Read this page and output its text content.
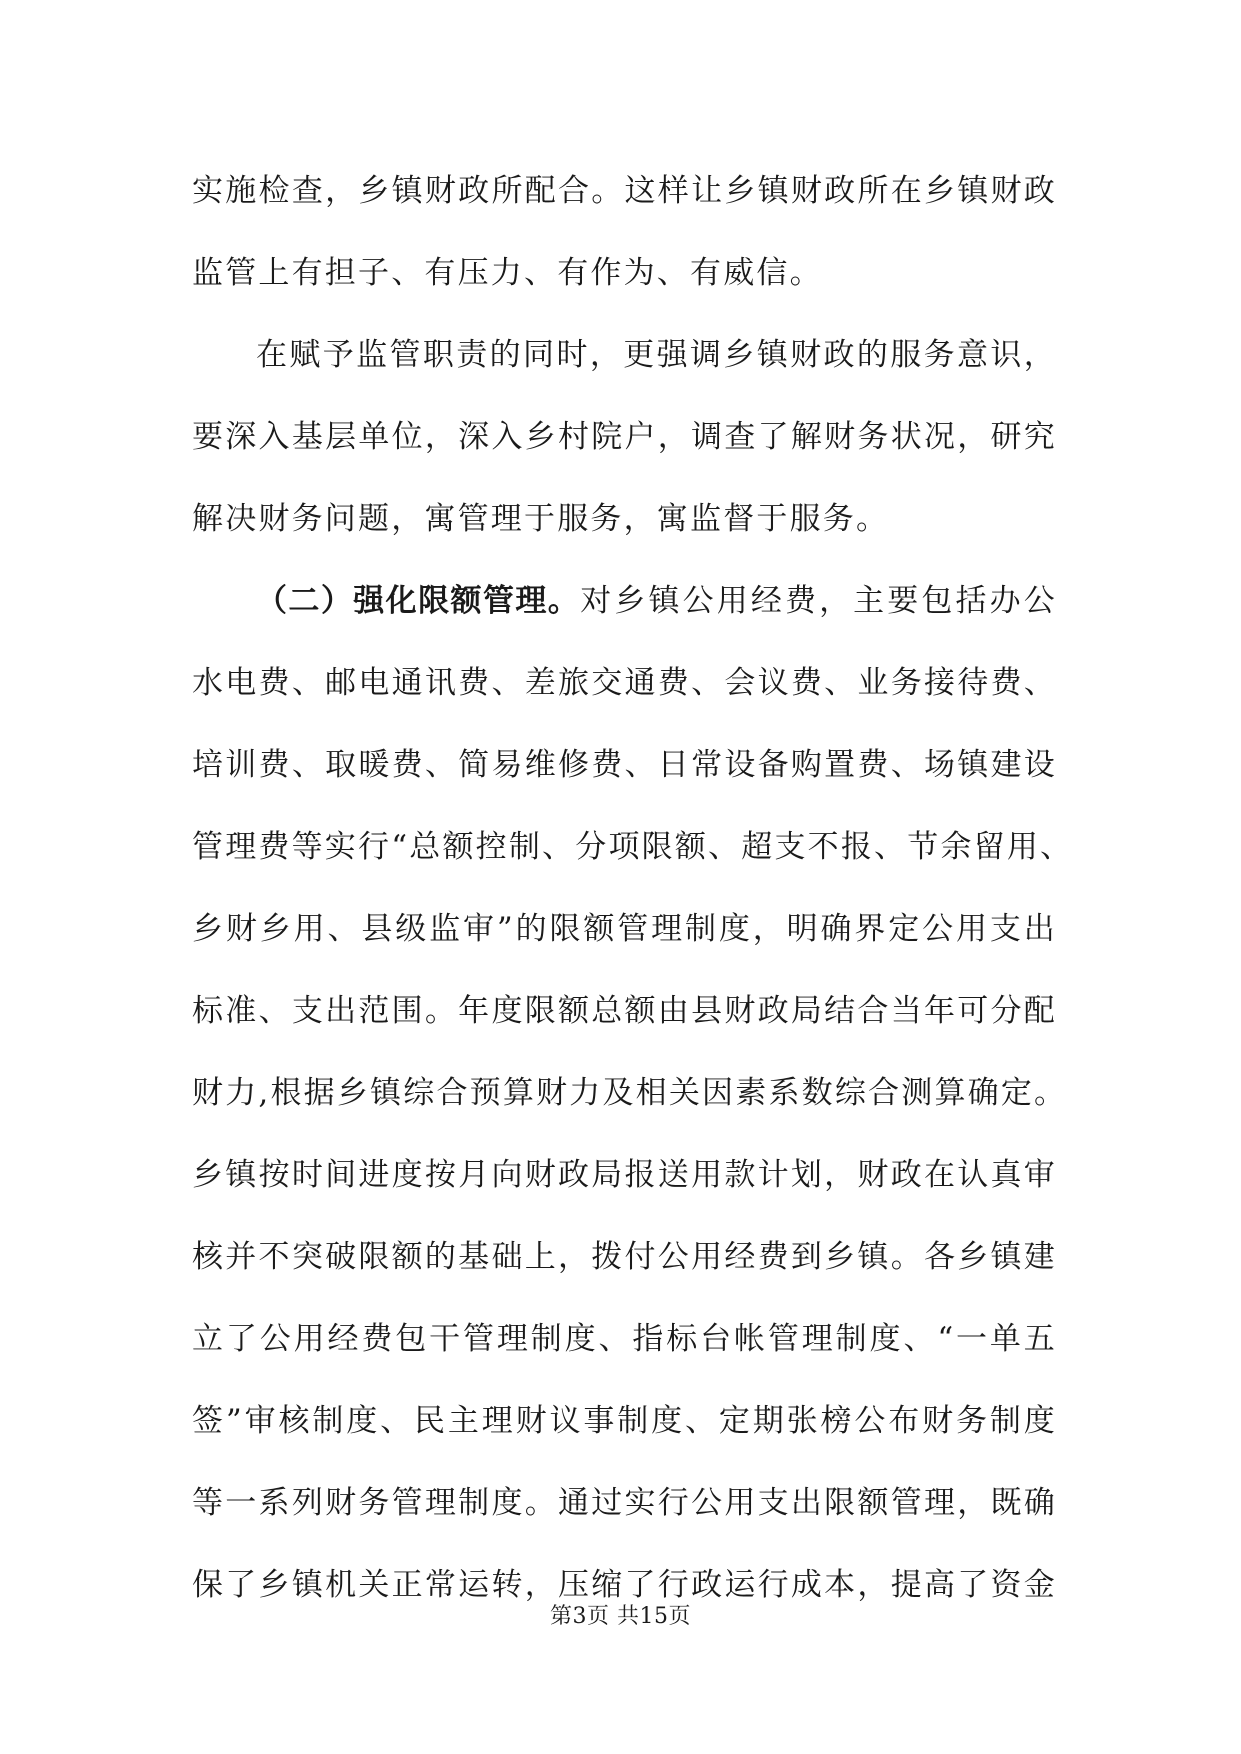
实施检查，乡镇财政所配合。这样让乡镇财政所在乡镇财政
监管上有担子、有压力、有作为、有威信。
在赋予监管职责的同时，更强调乡镇财政的服务意识，
要深入基层单位，深入乡村院户，调查了解财务状况，研究
解决财务问题，寓管理于服务，寓监督于服务。
（二）强化限额管理。对乡镇公用经费，主要包括办公
水电费、邮电通讯费、差旅交通费、会议费、业务接待费、
培训费、取暖费、简易维修费、日常设备购置费、场镇建设
管理费等实行“总额控制、分项限额、超支不报、节余留用、
乡财乡用、县级监审”的限额管理制度，明确界定公用支出
标准、支出范围。年度限额总额由县财政局结合当年可分配
财力,根据乡镇综合预算财力及相关因素系数综合测算确定。
乡镇按时间进度按月向财政局报送用款计划，财政在认真审
核并不突破限额的基础上，拨付公用经费到乡镇。各乡镇建
立了公用经费包干管理制度、指标台帐管理制度、“一单五
签”审核制度、民主理财议事制度、定期张榜公布财务制度
等一系列财务管理制度。通过实行公用支出限额管理，既确
保了乡镇机关正常运转，压缩了行政运行成本，提高了资金
第3页 共15页
